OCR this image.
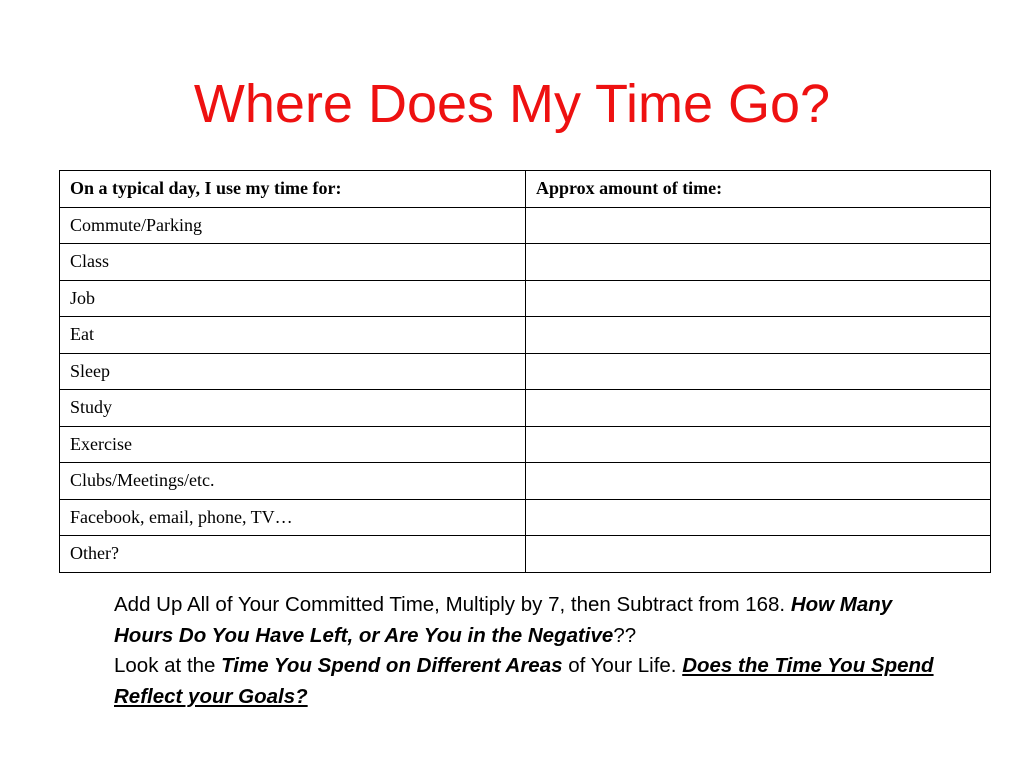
Where Does My Time Go?
On a typical day, I use my time for:	Approx amount of time:
Commute/Parking	
Class	
Job	
Eat	
Sleep	
Study	
Exercise	
Clubs/Meetings/etc.	
Facebook, email, phone, TV…	
Other?	
Add Up All of Your Committed Time, Multiply by 7, then Subtract from 168. How Many Hours Do You Have Left, or Are You in the Negative??
Look at the Time You Spend on Different Areas of Your Life. Does the Time You Spend Reflect your Goals?
